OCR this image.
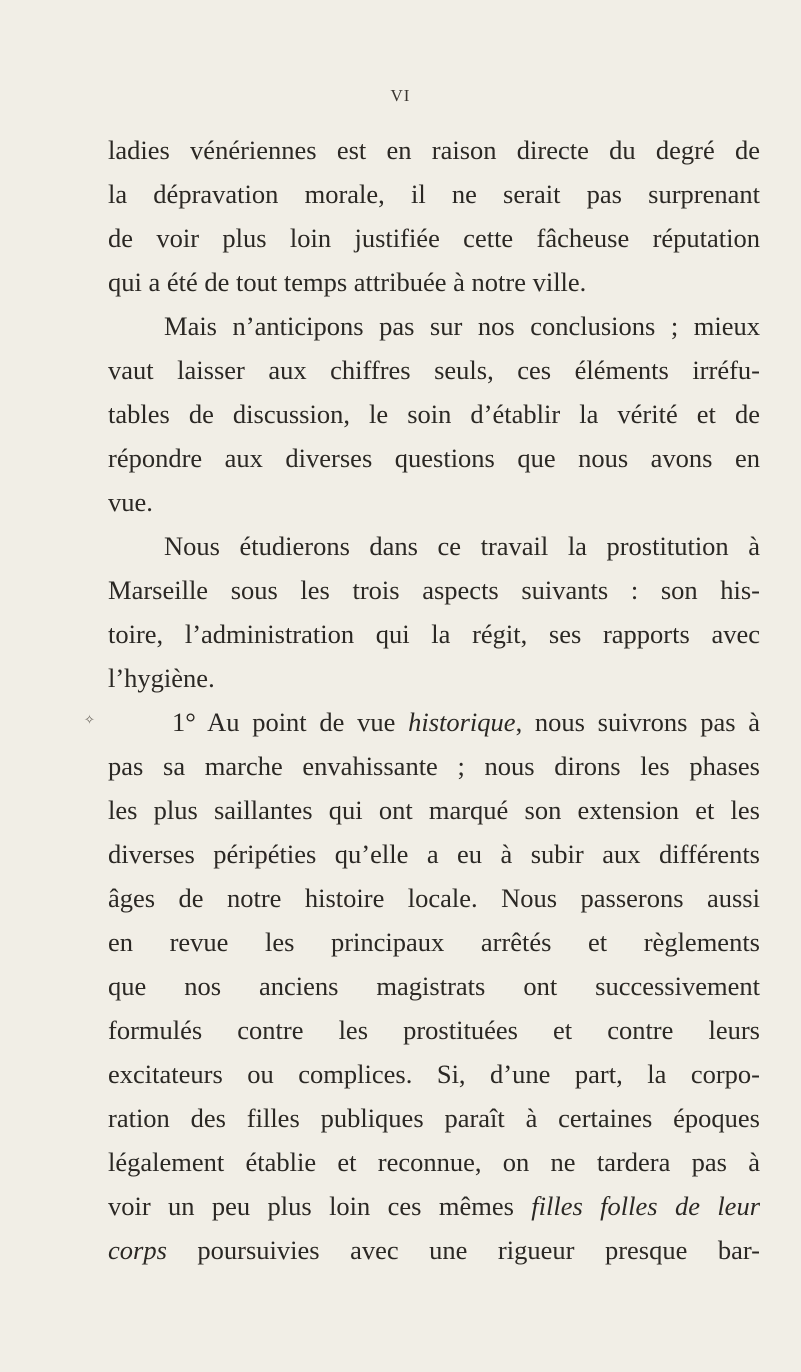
VI
✧
ladies vénériennes est en raison directe du degré de
la dépravation morale, il ne serait pas surprenant
de voir plus loin justifiée cette fâcheuse réputation
qui a été de tout temps attribuée à notre ville.
Mais n’anticipons pas sur nos conclusions ; mieux
vaut laisser aux chiffres seuls, ces éléments irréfu-
tables de discussion, le soin d’établir la vérité et de
répondre aux diverses questions que nous avons en
vue.
Nous étudierons dans ce travail la prostitution à
Marseille sous les trois aspects suivants : son his-
toire, l’administration qui la régit, ses rapports avec
l’hygiène.
1° Au point de vue historique, nous suivrons pas à
pas sa marche envahissante ; nous dirons les phases
les plus saillantes qui ont marqué son extension et les
diverses péripéties qu’elle a eu à subir aux différents
âges de notre histoire locale. Nous passerons aussi
en revue les principaux arrêtés et règlements
que nos anciens magistrats ont successivement
formulés contre les prostituées et contre leurs
excitateurs ou complices. Si, d’une part, la corpo-
ration des filles publiques paraît à certaines époques
légalement établie et reconnue, on ne tardera pas à
voir un peu plus loin ces mêmes filles folles de leur
corps poursuivies avec une rigueur presque bar-
